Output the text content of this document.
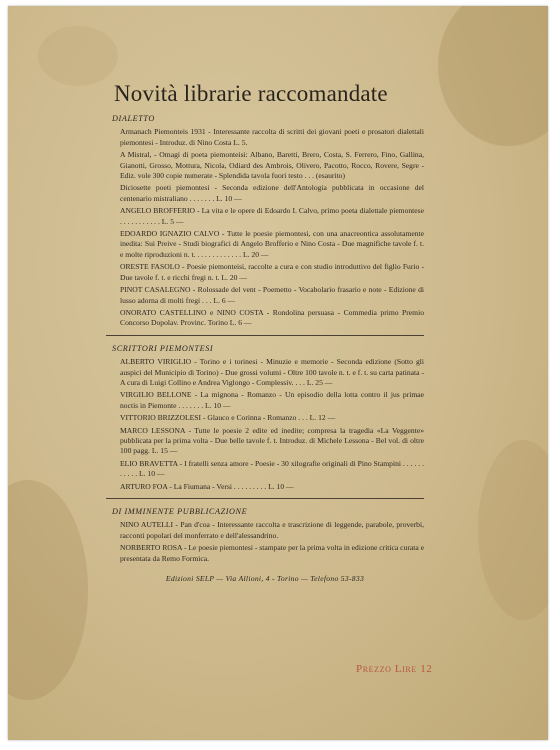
Novità librarie raccomandate
DIALETTO
Armanach Piemonteis 1931 - Interessante raccolta di scritti dei giovani poeti e prosatori dialettali piemontesi - Introduz. di Nino Costa L. 5.
A Mistral, - Omagi di poeta piemonteisi: Albano, Baretti, Brero, Costa, S. Ferrero, Fino, Gallina, Gianotti, Grosso, Mottura, Nicola, Odiard des Ambrois, Olivero, Pacotto, Rocco, Rovere, Segre - Ediz. vole 300 copie numerate - Splendida tavola fuori testo . . . (esaurito)
Diciosette poeti piemontesi - Seconda edizione dell'Antologia pubblicata in occasione del centenario mistraliano . . . . . . . L. 10 —
ANGELO BROFFERIO - La vita e le opere di Edoardo I. Calvo, primo poeta dialettale piemontese . . . . . . . . . . . L. 5 —
EDOARDO IGNAZIO CALVO - Tutte le poesie piemontesi, con una anacreontica assolutamente inedita: Sui Preive - Studi biografici di Angelo Brofferio e Nino Costa - Due magnifiche tavole f. t. e molte riproduzioni n. t. . . . . . . . . . . . . L. 20 —
ORESTE FASOLO - Poesie piemonteisi, raccolte a cura e con studio introduttivo del figlio Furio - Due tavole f. t. e ricchi fregi n. t. L. 20 —
PINOT CASALEGNO - Rolossade del vent - Poemetto - Vocabolario frasario e note - Edizione di lusso adorna di molti fregi . . . L. 6 —
ONORATO CASTELLINO e NINO COSTA - Rondolina persuasa - Commedia primo Premio Concorso Dopolav. Provinc. Torino L. 6 —
SCRITTORI PIEMONTESI
ALBERTO VIRIGLIO - Torino e i torinesi - Minuzie e memorie - Seconda edizione (Sotto gli auspici del Municipio di Torino) - Due grossi volumi - Oltre 100 tavole n. t. e f. t. su carta patinata - A cura di Luigi Collino e Andrea Viglongo - Complessiv. . . . L. 25 —
VIRGILIO BELLONE - La mignona - Romanzo - Un episodio della lotta contro il jus primae noctis in Piemonte . . . . . . . L. 10 —
VITTORIO BRIZZOLESI - Glauco e Corinna - Romanzo . . . L. 12 —
MARCO LESSONA - Tutte le poesie 2 edite ed inedite; compresa la tragedia «La Veggente» pubblicata per la prima volta - Due belle tavole f. t. Introduz. di Michele Lessona - Bel vol. di oltre 100 pagg. L. 15 —
ELIO BRAVETTA - I fratelli senza amore - Poesie - 30 xilografie originali di Pino Stampini . . . . . . . . . . . L. 10 —
ARTURO FOA - La Fiumana - Versi . . . . . . . . . L. 10 —
DI IMMINENTE PUBBLICAZIONE
NINO AUTELLI - Pan d'coa - Interessante raccolta e trascrizione di leggende, parabole, proverbi, racconti popolari del monferrato e dell'alessandrino.
NORBERTO ROSA - Le poesie piemontesi - stampate per la prima volta in edizione critica curata e presentata da Remo Formica.
Edizioni SELP — Via Allioni, 4 - Torino — Telefono 53-833
Prezzo Lire 12
